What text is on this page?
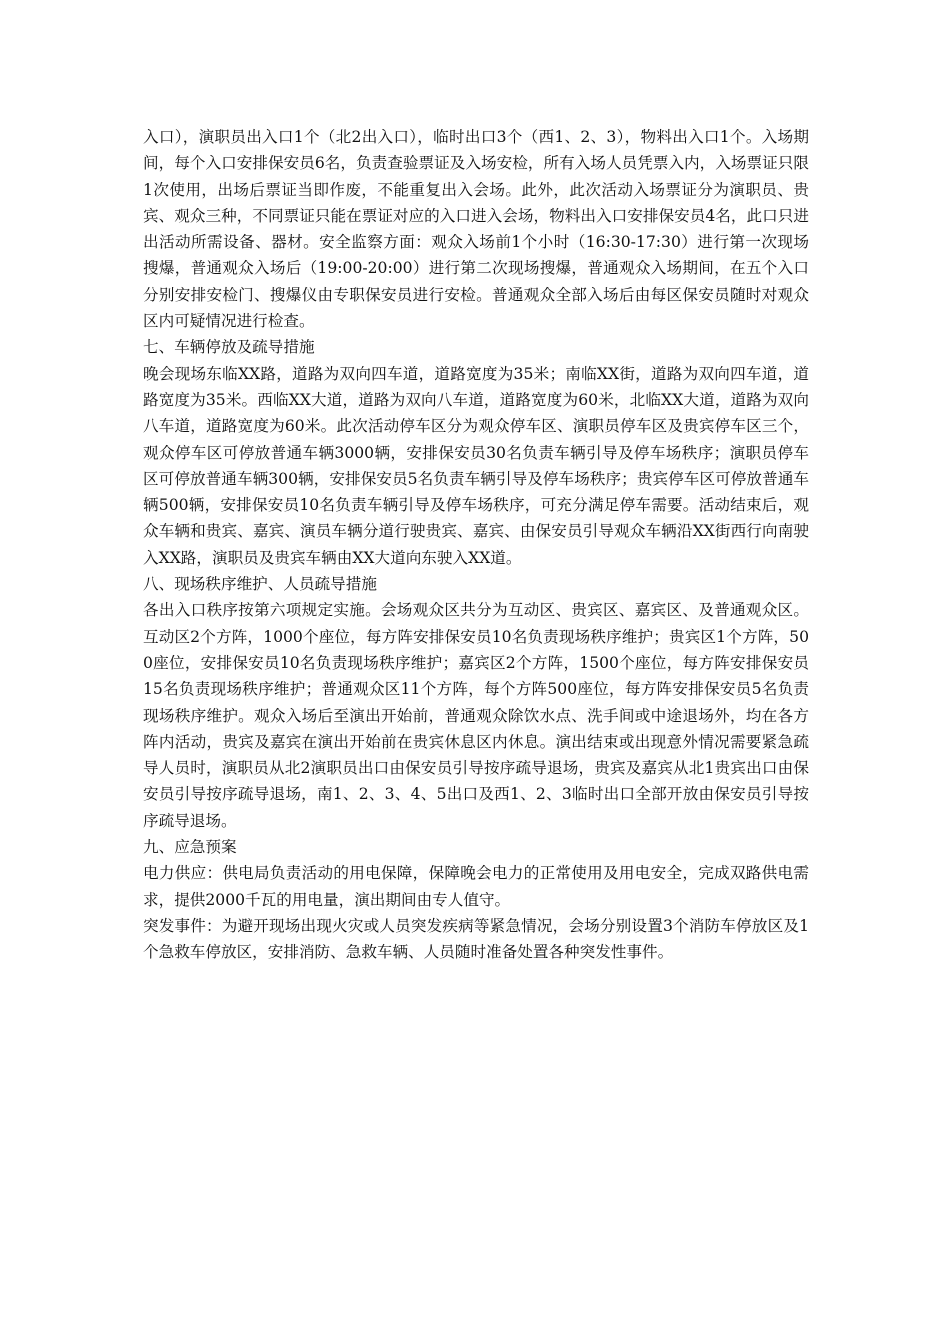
入口），演职员出入口1个（北2出入口），临时出口3个（西1、2、3），物料出入口1个。入场期间，每个入口安排保安员6名，负责查验票证及入场安检，所有入场人员凭票入内，入场票证只限1次使用，出场后票证当即作废，不能重复出入会场。此外，此次活动入场票证分为演职员、贵宾、观众三种，不同票证只能在票证对应的入口进入会场，物料出入口安排保安员4名，此口只进出活动所需设备、器材。安全监察方面：观众入场前1个小时（16:30-17:30）进行第一次现场搜爆，普通观众入场后（19:00-20:00）进行第二次现场搜爆，普通观众入场期间，在五个入口分别安排安检门、搜爆仪由专职保安员进行安检。普通观众全部入场后由每区保安员随时对观众区内可疑情况进行检查。

七、车辆停放及疏导措施

晚会现场东临XX路，道路为双向四车道，道路宽度为35米；南临XX街，道路为双向四车道，道路宽度为35米。西临XX大道，道路为双向八车道，道路宽度为60米，北临XX大道，道路为双向八车道，道路宽度为60米。此次活动停车区分为观众停车区、演职员停车区及贵宾停车区三个，观众停车区可停放普通车辆3000辆，安排保安员30名负责车辆引导及停车场秩序；演职员停车区可停放普通车辆300辆，安排保安员5名负责车辆引导及停车场秩序；贵宾停车区可停放普通车辆500辆，安排保安员10名负责车辆引导及停车场秩序，可充分满足停车需要。活动结束后，观众车辆和贵宾、嘉宾、演员车辆分道行驶贵宾、嘉宾、由保安员引导观众车辆沿XX街西行向南驶入XX路，演职员及贵宾车辆由XX大道向东驶入XX道。

八、现场秩序维护、人员疏导措施

各出入口秩序按第六项规定实施。会场观众区共分为互动区、贵宾区、嘉宾区、及普通观众区。互动区2个方阵，1000个座位，每方阵安排保安员10名负责现场秩序维护；贵宾区1个方阵，500座位，安排保安员10名负责现场秩序维护；嘉宾区2个方阵，1500个座位，每方阵安排保安员15名负责现场秩序维护；普通观众区11个方阵，每个方阵500座位，每方阵安排保安员5名负责现场秩序维护。观众入场后至演出开始前，普通观众除饮水点、洗手间或中途退场外，均在各方阵内活动，贵宾及嘉宾在演出开始前在贵宾休息区内休息。演出结束或出现意外情况需要紧急疏导人员时，演职员从北2演职员出口由保安员引导按序疏导退场，贵宾及嘉宾从北1贵宾出口由保安员引导按序疏导退场，南1、2、3、4、5出口及西1、2、3临时出口全部开放由保安员引导按序疏导退场。

九、应急预案

电力供应：供电局负责活动的用电保障，保障晚会电力的正常使用及用电安全，完成双路供电需求，提供2000千瓦的用电量，演出期间由专人值守。

突发事件：为避开现场出现火灾或人员突发疾病等紧急情况，会场分别设置3个消防车停放区及1个急救车停放区，安排消防、急救车辆、人员随时准备处置各种突发性事件。
